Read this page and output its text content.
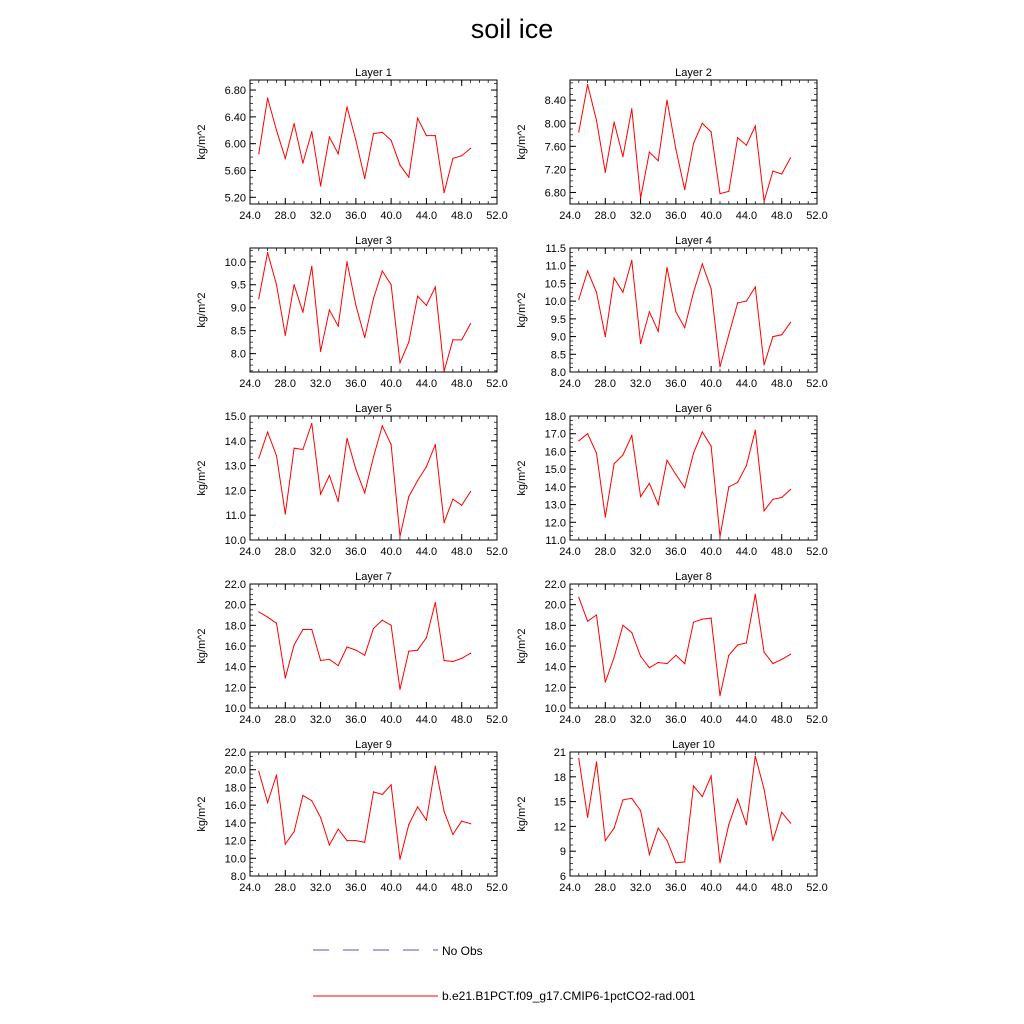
soil ice
Layer 1
kg/m^2
24.0 28.0 32.0 36.0 40.0 44.0 48.0 52.0
5.20
5.60
6.00
6.40
6.80
Layer 2
kg/m^2
24.0 28.0 32.0 36.0 40.0 44.0 48.0 52.0
6.80
7.20
7.60
8.00
8.40
Layer 3
kg/m^2
24.0 28.0 32.0 36.0 40.0 44.0 48.0 52.0
8.0
8.5
9.0
9.5
10.0
Layer 4
kg/m^2
24.0 28.0 32.0 36.0 40.0 44.0 48.0 52.0
8.0
8.5
9.0
9.5
10.0
10.5
11.0
11.5
Layer 5
kg/m^2
24.0 28.0 32.0 36.0 40.0 44.0 48.0 52.0
10.0
11.0
12.0
13.0
14.0
15.0
Layer 6
kg/m^2
24.0 28.0 32.0 36.0 40.0 44.0 48.0 52.0
11.0
12.0
13.0
14.0
15.0
16.0
17.0
18.0
Layer 7
kg/m^2
24.0 28.0 32.0 36.0 40.0 44.0 48.0 52.0
10.0
12.0
14.0
16.0
18.0
20.0
22.0
Layer 8
kg/m^2
24.0 28.0 32.0 36.0 40.0 44.0 48.0 52.0
10.0
12.0
14.0
16.0
18.0
20.0
22.0
Layer 9
kg/m^2
24.0 28.0 32.0 36.0 40.0 44.0 48.0 52.0
8.0
10.0
12.0
14.0
16.0
18.0
20.0
22.0
Layer 10
kg/m^2
24.0 28.0 32.0 36.0 40.0 44.0 48.0 52.0
6
9
12
15
18
21
No Obs
b.e21.B1PCT.f09_g17.CMIP6-1pctCO2-rad.001
